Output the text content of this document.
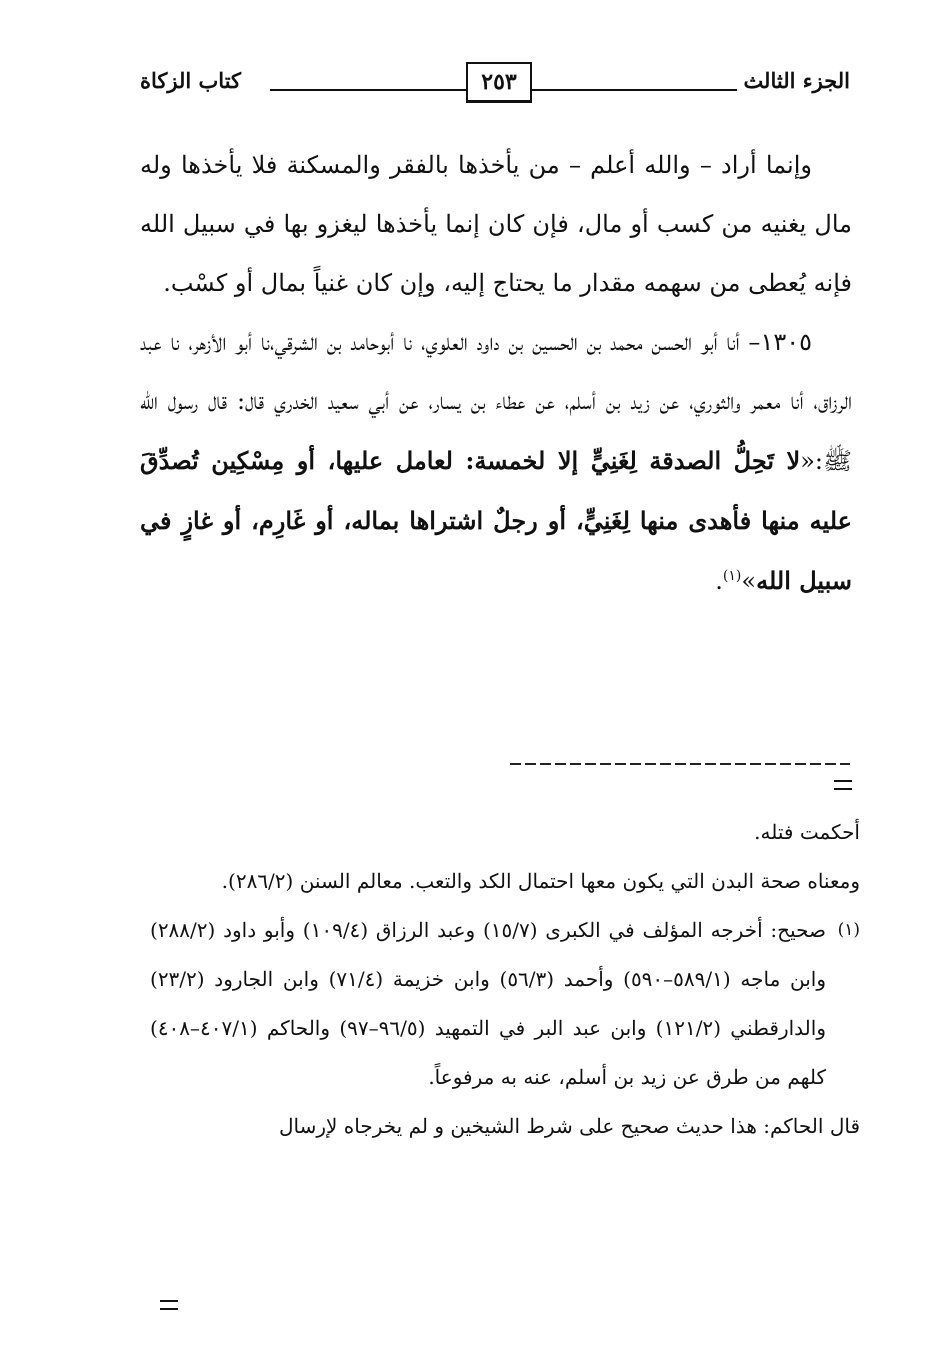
الجزء الثالث
٢٥٣
كتاب الزكاة

وإنما أراد – والله أعلم – من يأخذها بالفقر والمسكنة فلا يأخذها وله مال يغنيه من كسب أو مال، فإن كان إنما يأخذها ليغزو بها في سبيل الله فإنه يُعطى من سهمه مقدار ما يحتاج إليه، وإن كان غنياً بمال أو كسْب.

١٣٠٥– أنا أبو الحسن محمد بن الحسين بن داود العلوي، نا أبوحامد بن الشرقي،نا أبو الأزهر، نا عبد الرزاق، أنا معمر والثوري، عن زيد بن أسلم، عن عطاء بن يسار، عن أبي سعيد الخدري قال: قال رسول الله ﷺ:«لا تَحِلُّ الصدقة لِغَنِيٍّ إلا لخمسة: لعامل عليها، أو مِسْكِين تُصدِّقَ عليه منها فأهدى منها لِغَنِيٍّ، أو رجلٌ اشتراها بماله، أو غَارِم، أو غازٍ في سبيل الله»$^{(١)}$.

أحكمت فتله.

ومعناه صحة البدن التي يكون معها احتمال الكد والتعب. معالم السنن (٢٨٦/٢).

(١)
صحيح: أخرجه المؤلف في الكبرى (١٥/٧) وعبد الرزاق (١٠٩/٤) وأبو داود (٢٨٨/٢) وابن ماجه (٥٨٩/١–٥٩٠) وأحمد (٥٦/٣) وابن خزيمة (٧١/٤) وابن الجارود (٢٣/٢) والدارقطني (١٢١/٢) وابن عبد البر في التمهيد (٩٦/٥–٩٧) والحاكم (٤٠٧/١–٤٠٨) كلهم من طرق عن زيد بن أسلم، عنه به مرفوعاً.

قال الحاكم: هذا حديث صحيح على شرط الشيخين و لم يخرجاه لإرسال
